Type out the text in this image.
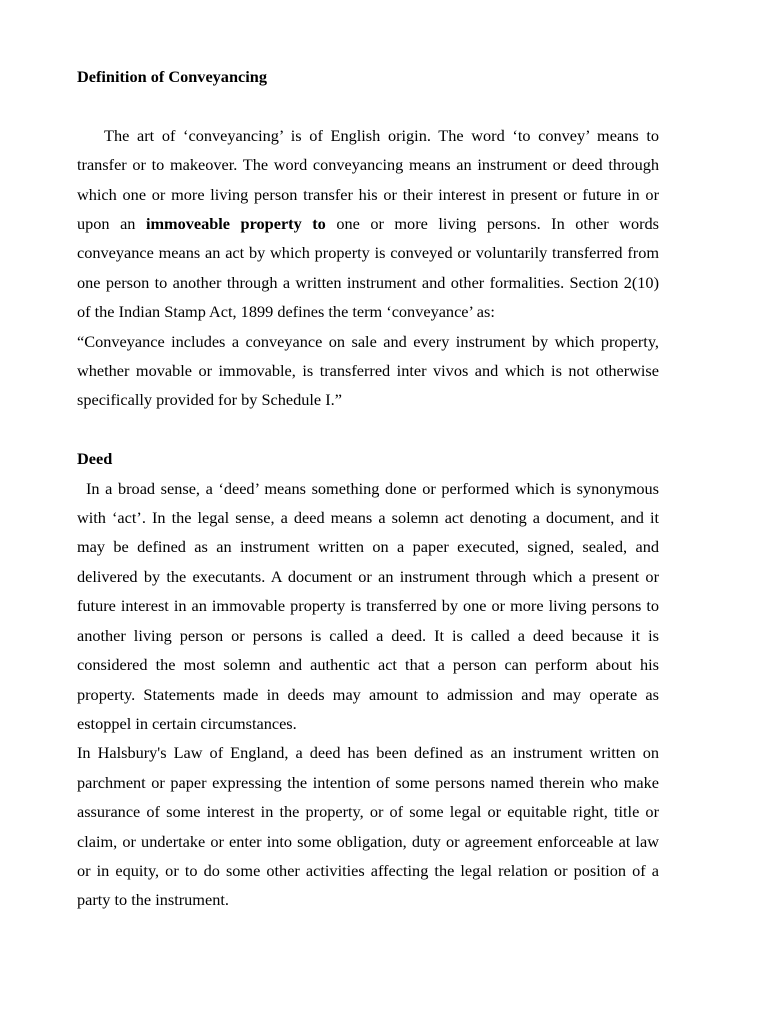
Definition of Conveyancing

The art of ‘conveyancing’ is of English origin. The word ‘to convey’ means to transfer or to makeover. The word conveyancing means an instrument or deed through which one or more living person transfer his or their interest in present or future in or upon an immoveable property to one or more living persons. In other words conveyance means an act by which property is conveyed or voluntarily transferred from one person to another through a written instrument and other formalities. Section 2(10) of the Indian Stamp Act, 1899 defines the term ‘conveyance’ as:

“Conveyance includes a conveyance on sale and every instrument by which property, whether movable or immovable, is transferred inter vivos and which is not otherwise specifically provided for by Schedule I.”

Deed

In a broad sense, a ‘deed’ means something done or performed which is synonymous with ‘act’. In the legal sense, a deed means a solemn act denoting a document, and it may be defined as an instrument written on a paper executed, signed, sealed, and delivered by the executants. A document or an instrument through which a present or future interest in an immovable property is transferred by one or more living persons to another living person or persons is called a deed. It is called a deed because it is considered the most solemn and authentic act that a person can perform about his property. Statements made in deeds may amount to admission and may operate as estoppel in certain circumstances.

In Halsbury's Law of England, a deed has been defined as an instrument written on parchment or paper expressing the intention of some persons named therein who make assurance of some interest in the property, or of some legal or equitable right, title or claim, or undertake or enter into some obligation, duty or agreement enforceable at law or in equity, or to do some other activities affecting the legal relation or position of a party to the instrument.
